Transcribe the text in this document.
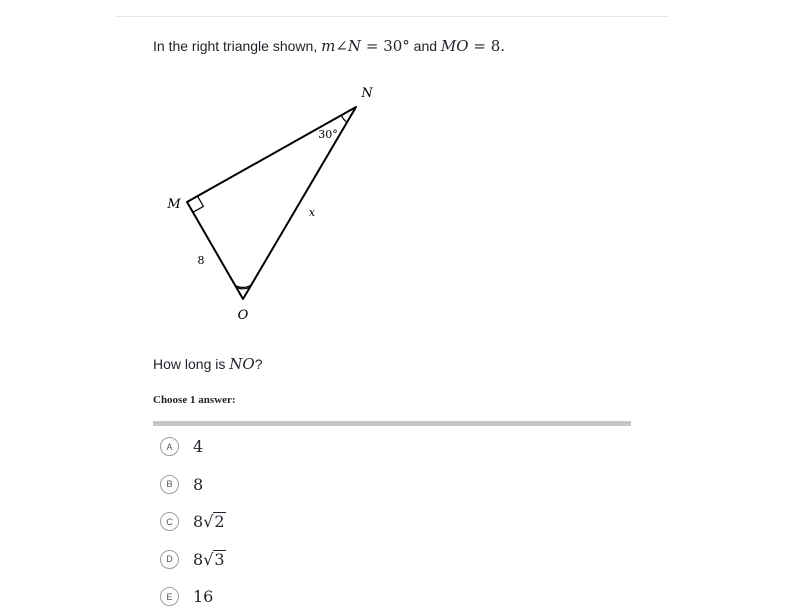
In the right triangle shown, m∠N = 30° and MO = 8.
N
M
O
30°
x
8
How long is NO?
Choose 1 answer:
A	4
B	8
C	8 √ 2
D	8 √ 3
E	16
